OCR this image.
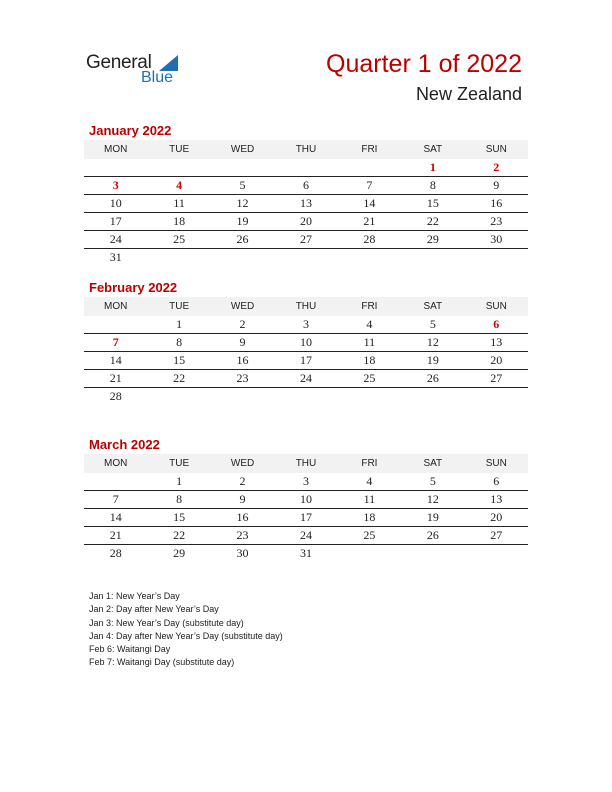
General
Blue	Quarter 1 of 2022
New Zealand
January 2022
MON	TUE	WED	THU	FRI	SAT	SUN
					1	2
3	4	5	6	7	8	9
10	11	12	13	14	15	16
17	18	19	20	21	22	23
24	25	26	27	28	29	30
31						
February 2022
MON	TUE	WED	THU	FRI	SAT	SUN
	1	2	3	4	5	6
7	8	9	10	11	12	13
14	15	16	17	18	19	20
21	22	23	24	25	26	27
28						
March 2022
MON	TUE	WED	THU	FRI	SAT	SUN
	1	2	3	4	5	6
7	8	9	10	11	12	13
14	15	16	17	18	19	20
21	22	23	24	25	26	27
28	29	30	31			
Jan 1: New Year’s Day
Jan 2: Day after New Year’s Day
Jan 3: New Year’s Day (substitute day)
Jan 4: Day after New Year’s Day (substitute day)
Feb 6: Waitangi Day
Feb 7: Waitangi Day (substitute day)
